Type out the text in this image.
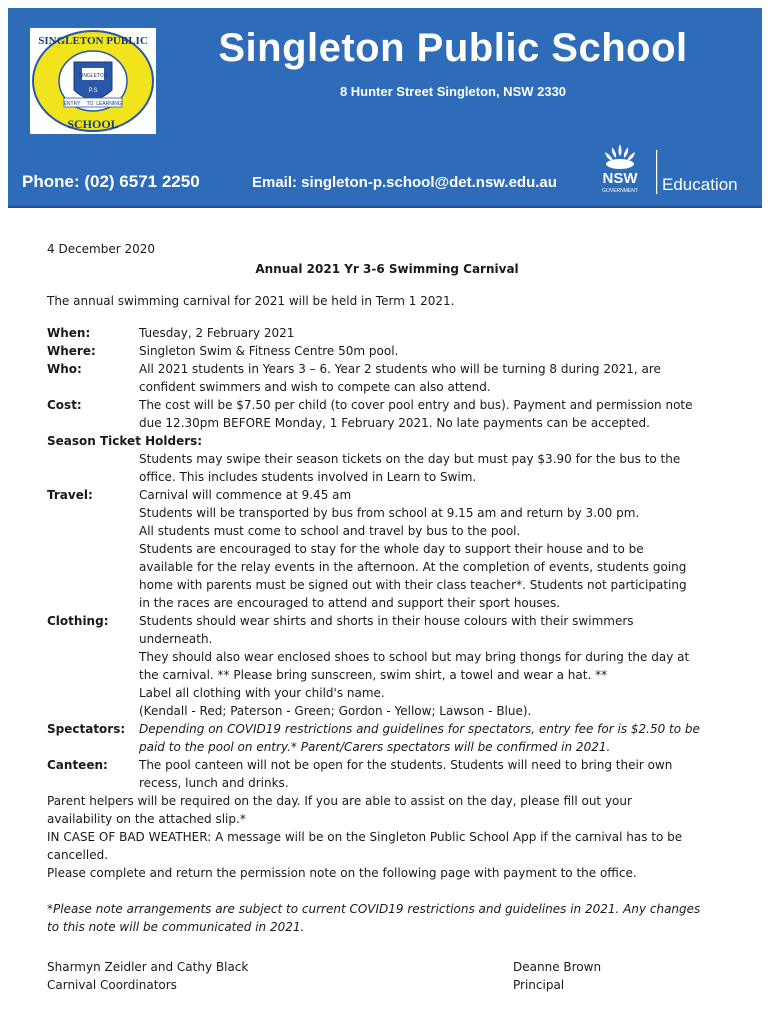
SINGLETON
P.S
SINGLETON PUBLIC
SCHOOL
ENTRY TO LEARNING
Singleton Public School
8 Hunter Street Singleton, NSW 2330
Phone: (02) 6571 2250	Email: singleton-p.school@det.nsw.edu.au	NSW
GOVERNMENT Education
4 December 2020
Annual 2021 Yr 3-6 Swimming Carnival
The annual swimming carnival for 2021 will be held in Term 1 2021.
When:	Tuesday, 2 February 2021
Where:	Singleton Swim & Fitness Centre 50m pool.
Who:	All 2021 students in Years 3 – 6. Year 2 students who will be turning 8 during 2021, are
confident swimmers and wish to compete can also attend.
Cost:	The cost will be $7.50 per child (to cover pool entry and bus). Payment and permission note
due 12.30pm BEFORE Monday, 1 February 2021. No late payments can be accepted.
Season Ticket Holders:
Students may swipe their season tickets on the day but must pay $3.90 for the bus to the
office. This includes students involved in Learn to Swim.
Travel:	Carnival will commence at 9.45 am
Students will be transported by bus from school at 9.15 am and return by 3.00 pm.
All students must come to school and travel by bus to the pool.
Students are encouraged to stay for the whole day to support their house and to be
available for the relay events in the afternoon. At the completion of events, students going
home with parents must be signed out with their class teacher*. Students not participating
in the races are encouraged to attend and support their sport houses.
Clothing:	Students should wear shirts and shorts in their house colours with their swimmers
underneath.
They should also wear enclosed shoes to school but may bring thongs for during the day at
the carnival. ** Please bring sunscreen, swim shirt, a towel and wear a hat. **
Label all clothing with your child's name.
(Kendall - Red; Paterson - Green; Gordon - Yellow; Lawson - Blue).
Spectators:	Depending on COVID19 restrictions and guidelines for spectators, entry fee for is $2.50 to be
paid to the pool on entry.* Parent/Carers spectators will be confirmed in 2021.
Canteen:	The pool canteen will not be open for the students. Students will need to bring their own
recess, lunch and drinks.
Parent helpers will be required on the day. If you are able to assist on the day, please fill out your
availability on the attached slip.*
IN CASE OF BAD WEATHER: A message will be on the Singleton Public School App if the carnival has to be
cancelled.
Please complete and return the permission note on the following page with payment to the office.
*Please note arrangements are subject to current COVID19 restrictions and guidelines in 2021. Any changes
to this note will be communicated in 2021.
Sharmyn Zeidler and Cathy Black
Carnival Coordinators
Deanne Brown
Principal
